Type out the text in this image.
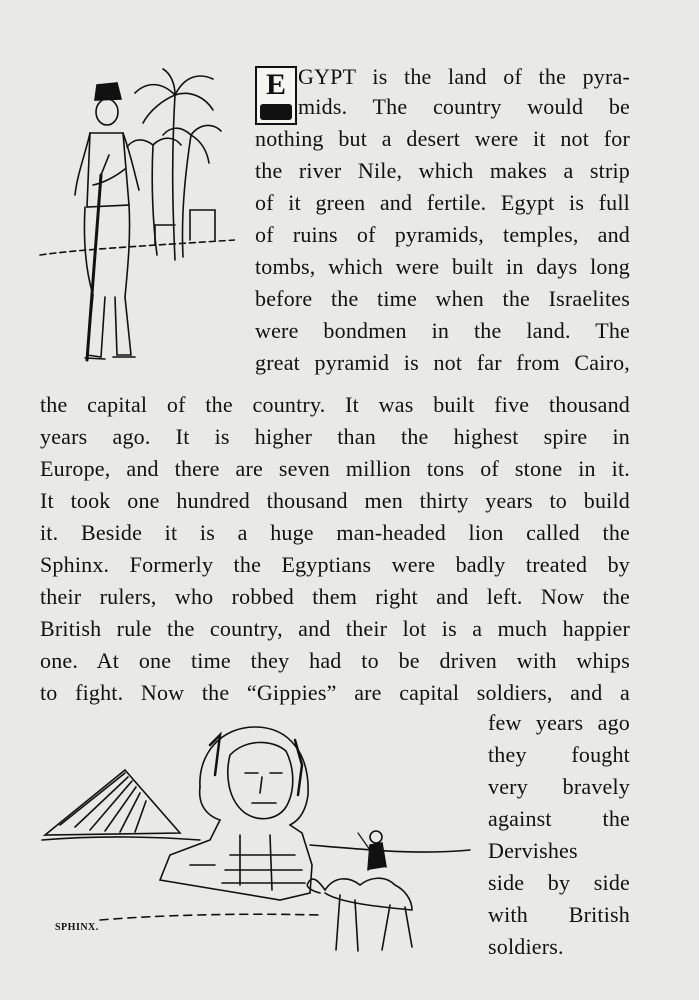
E GYPT is the land of the pyra-
mids. The country would be
nothing but a desert were it not for
the river Nile, which makes a strip
of it green and fertile. Egypt is full
of ruins of pyramids, temples, and
tombs, which were built in days long
before the time when the Israelites
were bondmen in the land. The
great pyramid is not far from Cairo,
the capital of the country. It was built five thousand
years ago. It is higher than the highest spire in
Europe, and there are seven million tons of stone in it.
It took one hundred thousand men thirty years to build
it. Beside it is a huge man-headed lion called the
Sphinx. Formerly the Egyptians were badly treated by
their rulers, who robbed them right and left. Now the
British rule the country, and their lot is a much happier
one. At one time they had to be driven with whips
to fight. Now the “Gippies” are capital soldiers, and a
few years ago
they fought
very bravely
against the
Dervishes
side by side
with British
soldiers.
SPHINX.
